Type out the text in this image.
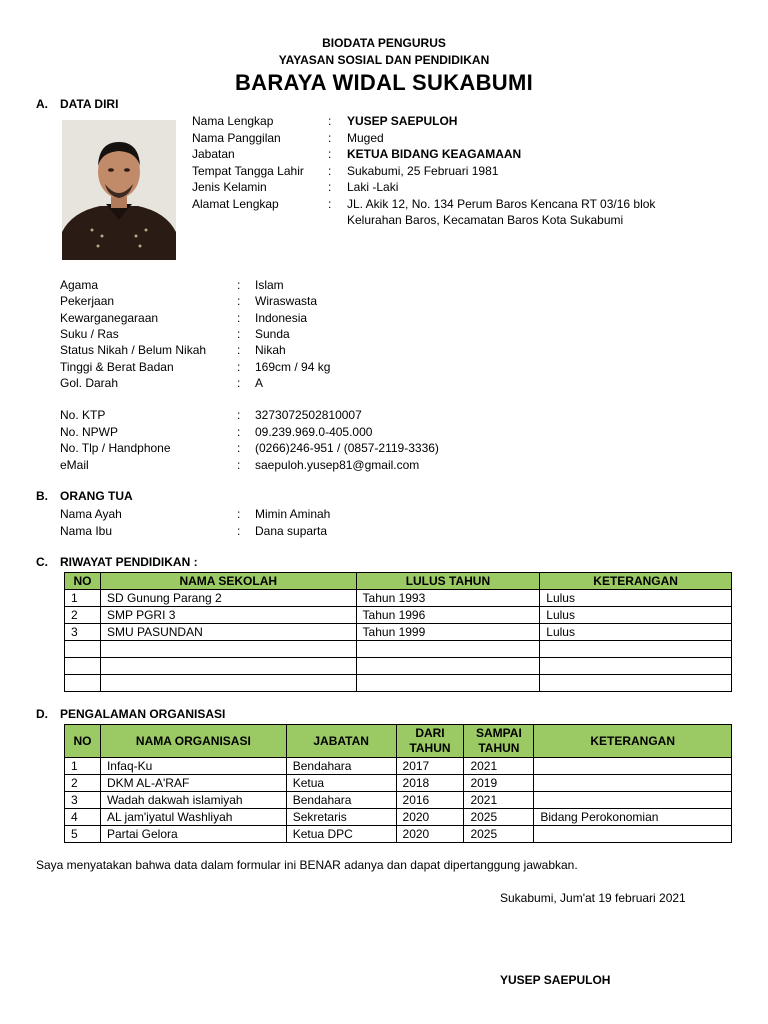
BIODATA PENGURUS
YAYASAN SOSIAL DAN PENDIDIKAN
BARAYA WIDAL SUKABUMI
A. DATA DIRI
Nama Lengkap	: YUSEP SAEPULOH
Nama Panggilan	: Muged
Jabatan	: KETUA BIDANG KEAGAMAAN
Tempat Tangga Lahir : Sukabumi, 25 Februari 1981
Jenis Kelamin	: Laki -Laki
Alamat Lengkap	: JL. Akik 12, No. 134 Perum Baros Kencana RT 03/16 blok
Kelurahan Baros, Kecamatan Baros Kota Sukabumi
Agama	: Islam
Pekerjaan	: Wiraswasta
Kewarganegaraan	: Indonesia
Suku / Ras	: Sunda
Status Nikah / Belum Nikah	: Nikah
Tinggi & Berat Badan	: 169cm / 94 kg
Gol. Darah	: A
No. KTP	: 3273072502810007
No. NPWP	: 09.239.969.0-405.000
No. Tlp / Handphone	: (0266)246-951 / (0857-2119-3336)
eMail	: saepuloh.yusep81@gmail.com
B. ORANG TUA
Nama Ayah	: Mimin Aminah
Nama Ibu	: Dana suparta
C. RIWAYAT PENDIDIKAN :
NO	NAMA SEKOLAH	LULUS TAHUN	KETERANGAN
1	SD Gunung Parang 2	Tahun 1993	Lulus
2	SMP PGRI 3	Tahun 1996	Lulus
3	SMU PASUNDAN	Tahun 1999	Lulus

D. PENGALAMAN ORGANISASI
NO	NAMA ORGANISASI	JABATAN	DARI TAHUN	SAMPAI TAHUN	KETERANGAN
1	Infaq-Ku	Bendahara	2017	2021	
2	DKM AL-A'RAF	Ketua	2018	2019	
3	Wadah dakwah islamiyah	Bendahara	2016	2021	
4	AL jam'iyatul Washliyah	Sekretaris	2020	2025	Bidang Perokonomian
5	Partai Gelora	Ketua DPC	2020	2025	
Saya menyatakan bahwa data dalam formular ini BENAR adanya dan dapat dipertanggung jawabkan.
Sukabumi, Jum'at 19 februari 2021
YUSEP SAEPULOH
